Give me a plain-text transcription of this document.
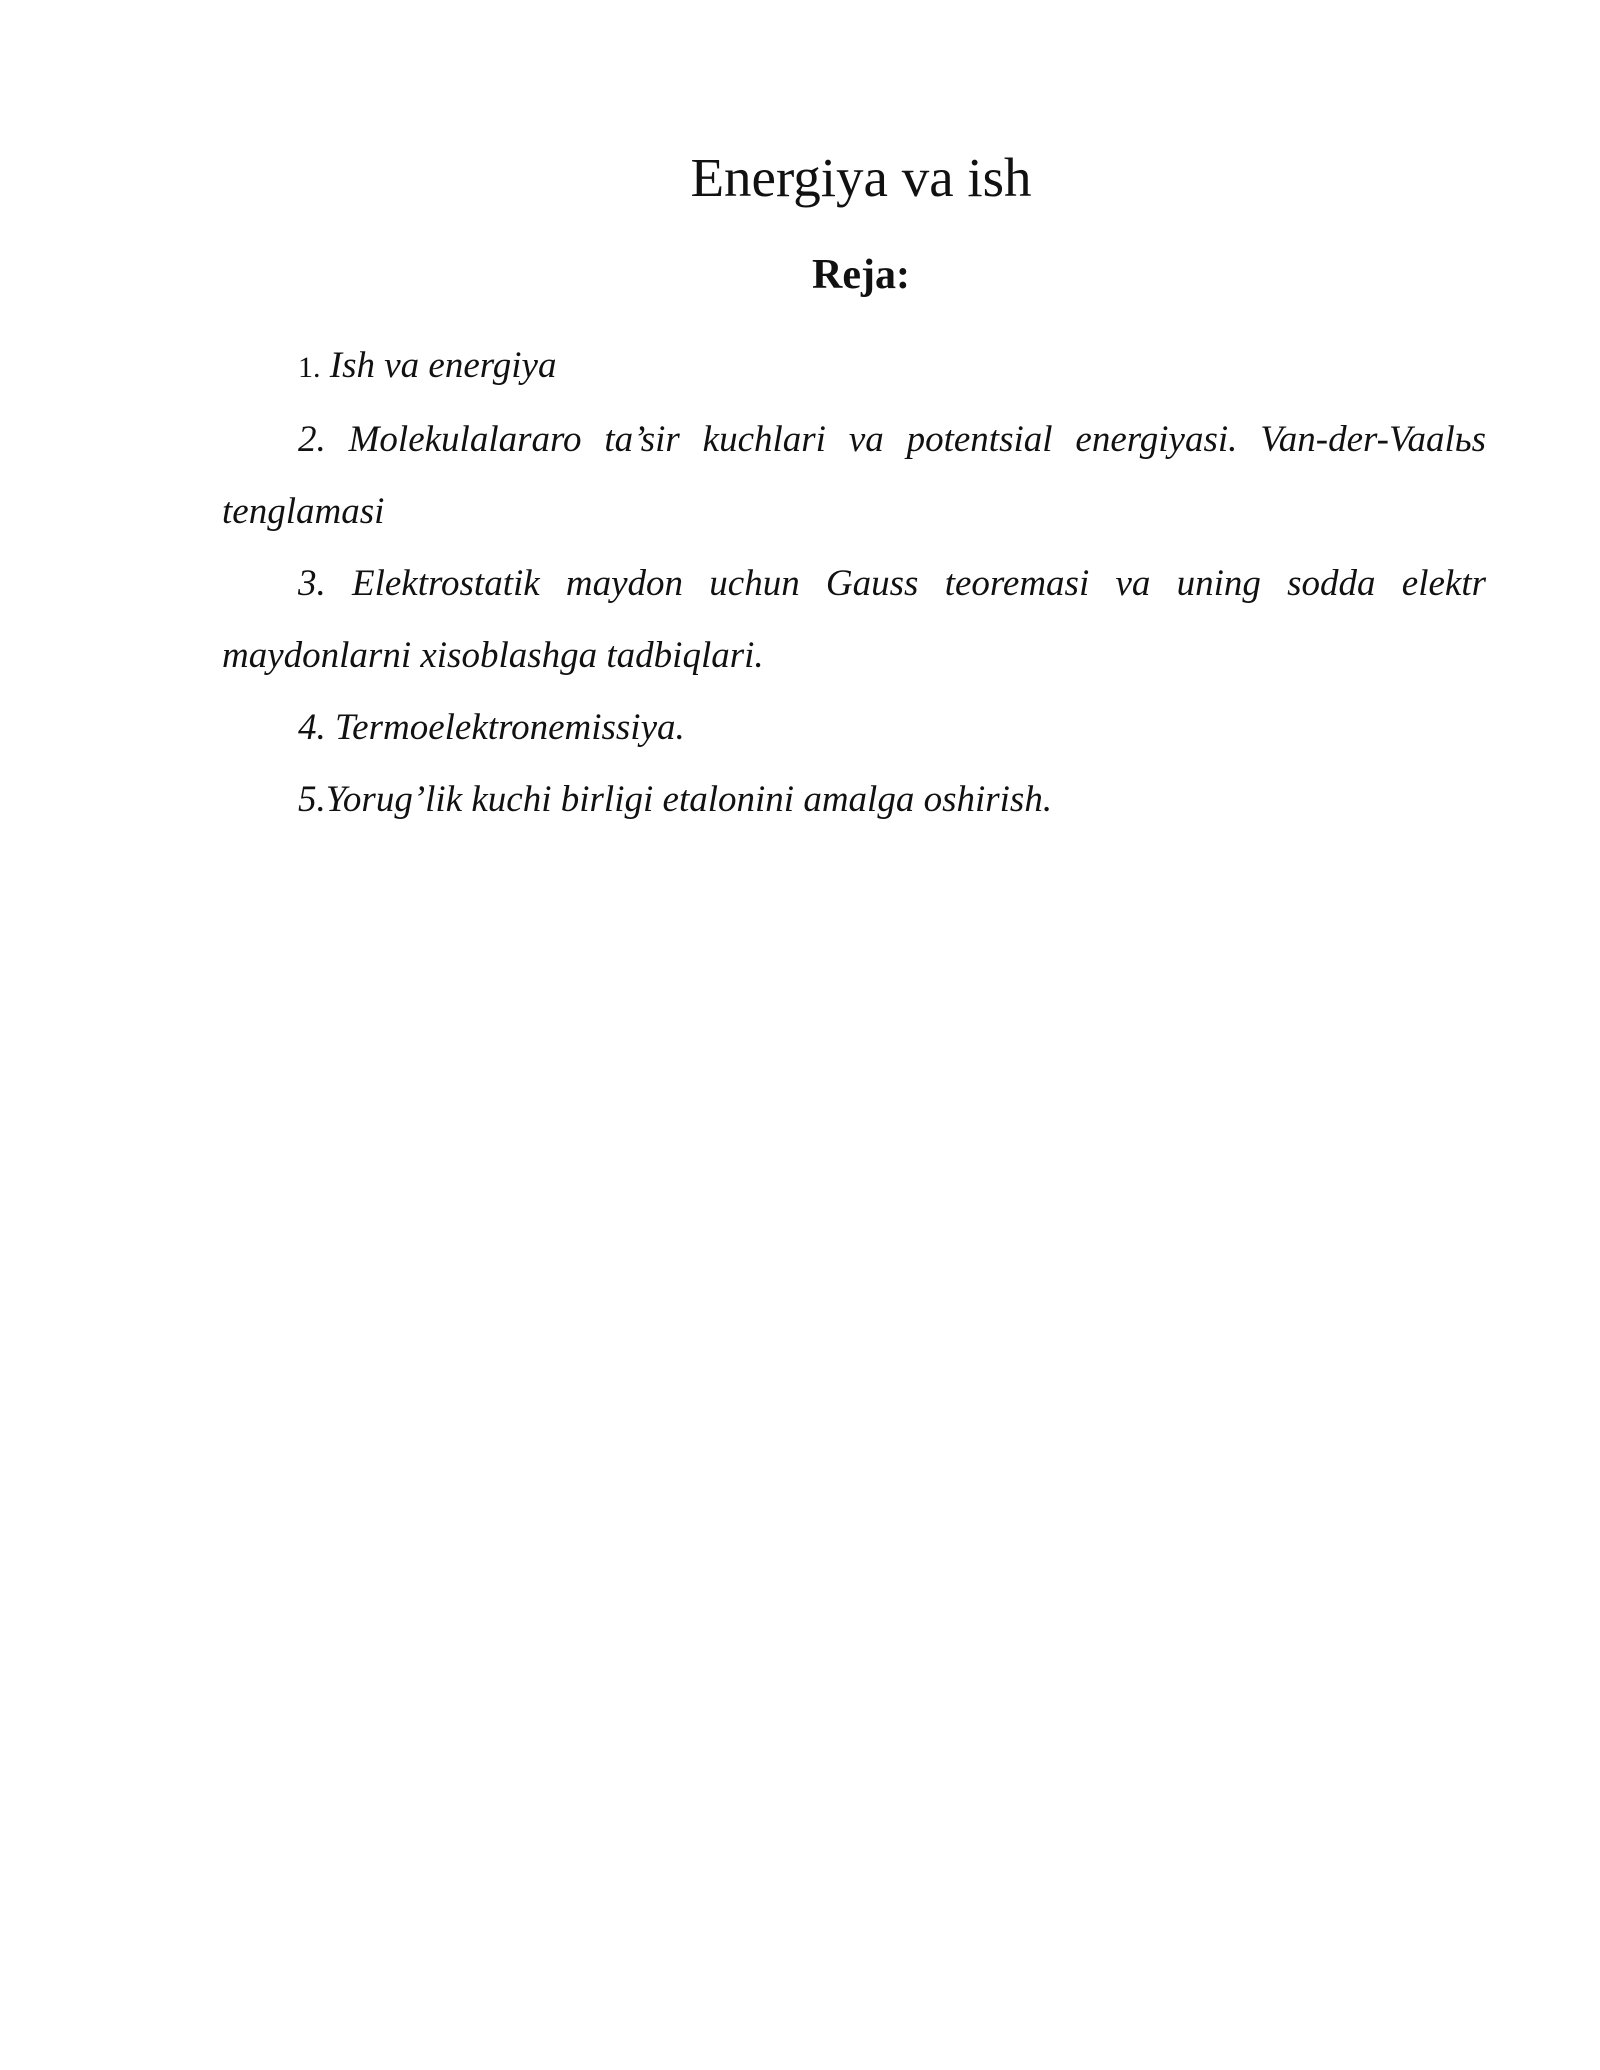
Energiya va ish
Reja:
1. Ish va energiya
2. Molekulalararo ta’sir kuchlari va potentsial energiyasi. Van-der-Vaalьs tenglamasi
3. Elektrostatik maydon uchun Gauss teoremasi va uning sodda elektr maydonlarni xisoblashga tadbiqlari.
4. Termoelektronemissiya.
5.Yorug’lik kuchi birligi etalonini amalga oshirish.
